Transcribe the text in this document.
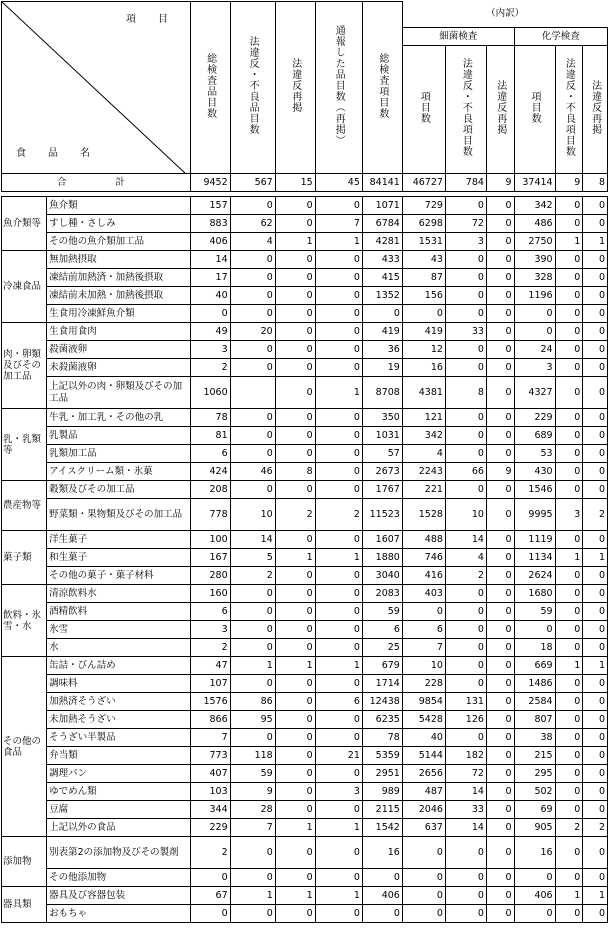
項　目
食　品　名		総検査品目数	法違反・不良品目数	法違反再掲	通報した品目数（再掲）	総検査項目数	（内訳）					
							細菌検査			化学検査		
							項目数	法違反・不良項目数	法違反再掲	項目数	法違反・不良項目数	法違反再掲
合　　計		9452	567	15	45	84141	46727	784	9	37414	9	8

魚介類等	魚介類	157	0	0	0	1071	729	0	0	342	0	0
	すし種・さしみ	883	62	0	7	6784	6298	72	0	486	0	0
	その他の魚介類加工品	406	4	1	1	4281	1531	3	0	2750	1	1
冷凍食品	無加熱摂取	14	0	0	0	433	43	0	0	390	0	0
	凍結前加熱済・加熱後摂取	17	0	0	0	415	87	0	0	328	0	0
	凍結前未加熱・加熱後摂取	40	0	0	0	1352	156	0	0	1196	0	0
	生食用冷凍鮮魚介類	0	0	0	0	0	0	0	0	0	0	0
肉・卵類及びその加工品	生食用食肉	49	20	0	0	419	419	33	0	0	0	0
	殺菌液卵	3	0	0	0	36	12	0	0	24	0	0
	未殺菌液卵	2	0	0	0	19	16	0	0	3	0	0
	上記以外の肉・卵類及びその加工品	1060		0	1	8708	4381	8	0	4327	0	0
乳・乳類等	牛乳・加工乳・その他の乳	78	0	0	0	350	121	0	0	229	0	0
	乳製品	81	0	0	0	1031	342	0	0	689	0	0
	乳類加工品	6	0	0	0	57	4	0	0	53	0	0
	アイスクリーム類・氷菓	424	46	8	0	2673	2243	66	9	430	0	0
農産物等	穀類及びその加工品	208	0	0	0	1767	221	0	0	1546	0	0
	野菜類・果物類及びその加工品	778	10	2	2	11523	1528	10	0	9995	3	2
菓子類	洋生菓子	100	14	0	0	1607	488	14	0	1119	0	0
	和生菓子	167	5	1	1	1880	746	4	0	1134	1	1
	その他の菓子・菓子材料	280	2	0	0	3040	416	2	0	2624	0	0
飲料・氷雪・水	清涼飲料水	160	0	0	0	2083	403	0	0	1680	0	0
	酒精飲料	6	0	0	0	59	0	0	0	59	0	0
	氷雪	3	0	0	0	6	6	0	0	0	0	0
	水	2	0	0	0	25	7	0	0	18	0	0
その他の食品	缶詰・びん詰め	47	1	1	1	679	10	0	0	669	1	1
	調味料	107	0	0	0	1714	228	0	0	1486	0	0
	加熱済そうざい	1576	86	0	6	12438	9854	131	0	2584	0	0
	未加熱そうざい	866	95	0	0	6235	5428	126	0	807	0	0
	そうざい半製品	7	0	0	0	78	40	0	0	38	0	0
	弁当類	773	118	0	21	5359	5144	182	0	215	0	0
	調理パン	407	59	0	0	2951	2656	72	0	295	0	0
	ゆでめん類	103	9	0	3	989	487	14	0	502	0	0
	豆腐	344	28	0	0	2115	2046	33	0	69	0	0
	上記以外の食品	229	7	1	1	1542	637	14	0	905	2	2
添加物	別表第2の添加物及びその製剤	2	0	0	0	16	0	0	0	16	0	0
	その他添加物	0	0	0	0	0	0	0	0	0	0	0
器具類	器具及び容器包装	67	1	1	1	406	0	0	0	406	1	1
	おもちゃ	0	0	0	0	0	0	0	0	0	0	0
